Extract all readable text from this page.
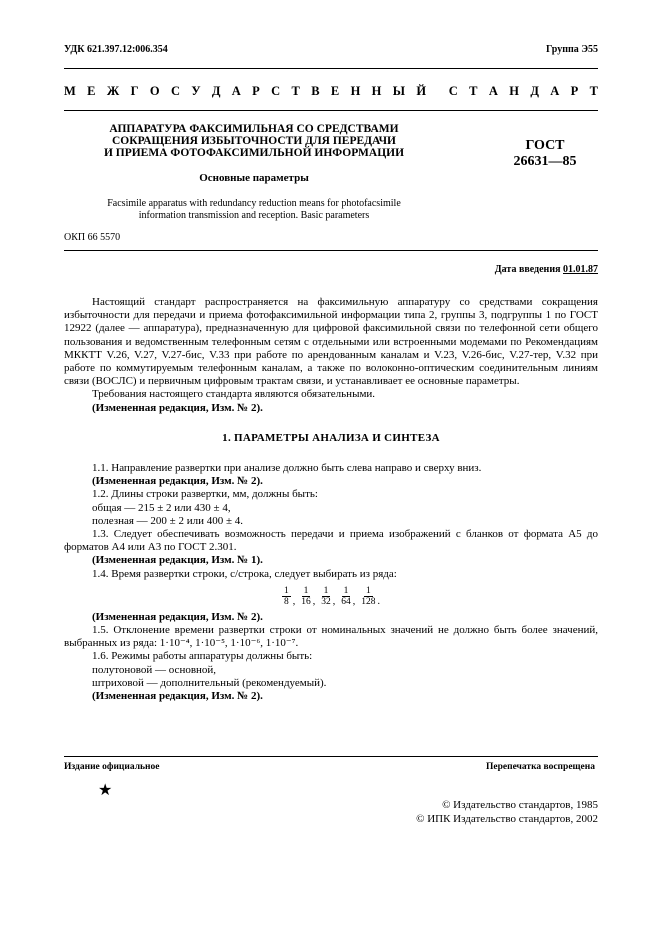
УДК 621.397.12:006.354	Группа Э55
М Е Ж Г О С У Д А Р С Т В Е Н Н Ы Й С Т А Н Д А Р Т
АППАРАТУРА ФАКСИМИЛЬНАЯ СО СРЕДСТВАМИ
СОКРАЩЕНИЯ ИЗБЫТОЧНОСТИ ДЛЯ ПЕРЕДАЧИ
И ПРИЕМА ФОТОФАКСИМИЛЬНОЙ ИНФОРМАЦИИ	ГОСТ
26631—85
Основные параметры
Facsimile apparatus with redundancy reduction means for photofacsimile
information transmission and reception. Basic parameters
ОКП 66 5570
Дата введения 01.01.87

Настоящий стандарт распространяется на факсимильную аппаратуру со средствами сокращения избыточности для передачи и приема фотофаксимильной информации типа 2, группы 3, подгруппы 1 по ГОСТ 12922 (далее — аппаратура), предназначенную для цифровой факсимильной связи по телефонной сети общего пользования и ведомственным телефонным сетям с отдельными или встроенными модемами по Рекомендациям МККТТ V.26, V.27, V.27-бис, V.33 при работе по арендованным каналам и V.23, V.26-бис, V.27-тер, V.32 при работе по коммутируемым телефонным каналам, а также по волоконно-оптическим соединительным линиям связи (ВОСЛС) и первичным цифровым трактам связи, и устанавливает ее основные параметры.

Требования настоящего стандарта являются обязательными.

(Измененная редакция, Изм. № 2).

1. ПАРАМЕТРЫ АНАЛИЗА И СИНТЕЗА

1.1. Направление развертки при анализе должно быть слева направо и сверху вниз.

(Измененная редакция, Изм. № 2).

1.2. Длины строки развертки, мм, должны быть:

общая — 215 ± 2 или 430 ± 4,

полезная — 200 ± 2 или 400 ± 4.

1.3. Следует обеспечивать возможность передачи и приема изображений с бланков от формата А5 до форматов А4 или А3 по ГОСТ 2.301.

(Измененная редакция, Изм. № 1).

1.4. Время развертки строки, с/строка, следует выбирать из ряда:

$\frac{1}{8}$ , $\frac{1}{16}$ , $\frac{1}{32}$ , $\frac{1}{64}$ , $\frac{1}{128}$ .

(Измененная редакция, Изм. № 2).

1.5. Отклонение времени развертки строки от номинальных значений не должно быть более значений, выбранных из ряда: 1·10⁻⁴, 1·10⁻⁵, 1·10⁻⁶, 1·10⁻⁷.

1.6. Режимы работы аппаратуры должны быть:

полутоновой — основной,

штриховой — дополнительный (рекомендуемый).

(Измененная редакция, Изм. № 2).

Издание официальное	Перепечатка воспрещена
★
© Издательство стандартов, 1985
© ИПК Издательство стандартов, 2002
